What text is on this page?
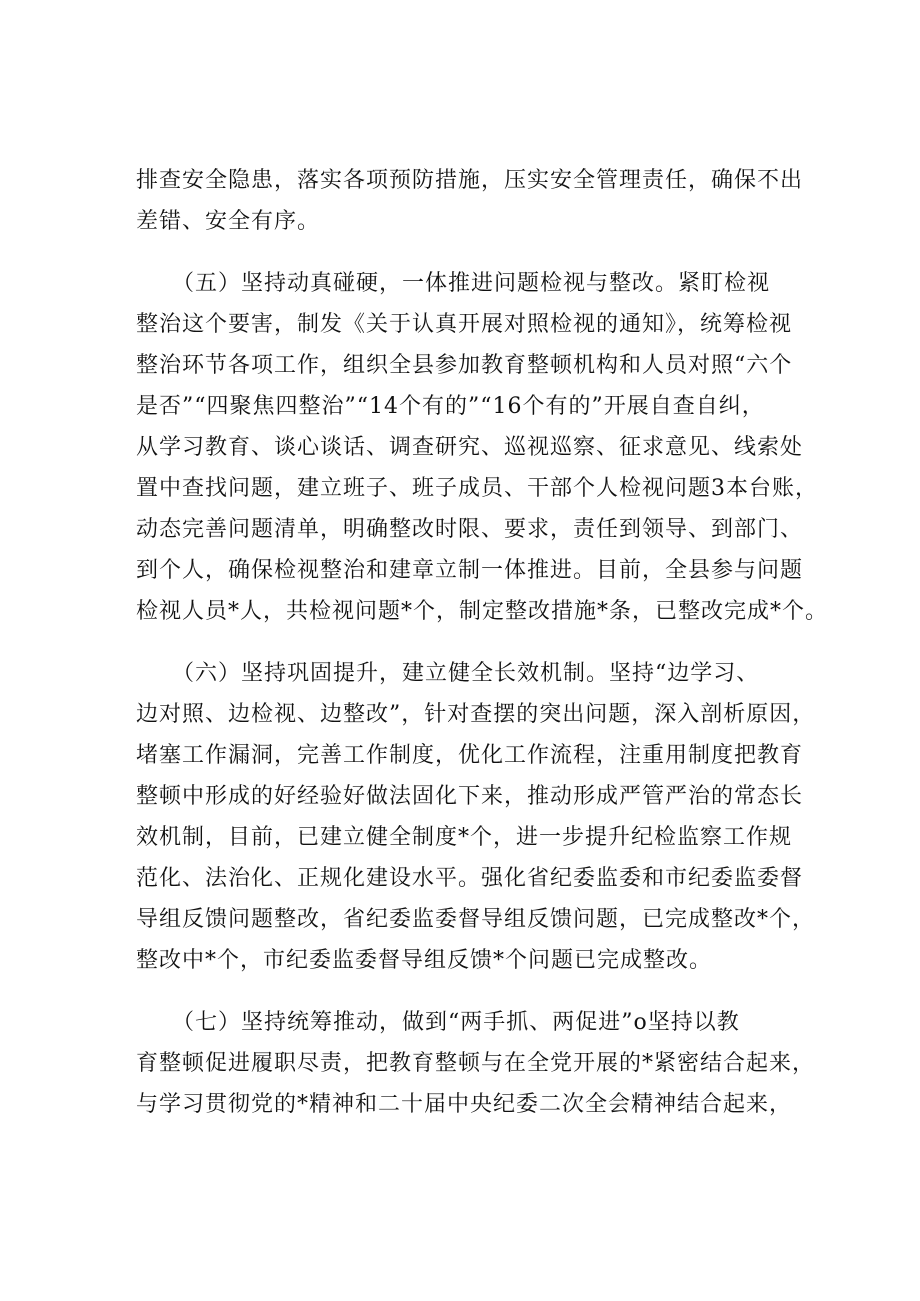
排查安全隐患，落实各项预防措施，压实安全管理责任，确保不出
差错、安全有序。
（五）坚持动真碰硬，一体推进问题检视与整改。紧盯检视
整治这个要害，制发《关于认真开展对照检视的通知》，统筹检视
整治环节各项工作，组织全县参加教育整顿机构和人员对照“六个
是否”“四聚焦四整治”“14个有的”“16个有的”开展自查自纠，
从学习教育、谈心谈话、调查研究、巡视巡察、征求意见、线索处
置中查找问题，建立班子、班子成员、干部个人检视问题3本台账，
动态完善问题清单，明确整改时限、要求，责任到领导、到部门、
到个人，确保检视整治和建章立制一体推进。目前，全县参与问题
检视人员*人，共检视问题*个，制定整改措施*条，已整改完成*个。
（六）坚持巩固提升，建立健全长效机制。坚持“边学习、
边对照、边检视、边整改”，针对查摆的突出问题，深入剖析原因，
堵塞工作漏洞，完善工作制度，优化工作流程，注重用制度把教育
整顿中形成的好经验好做法固化下来，推动形成严管严治的常态长
效机制，目前，已建立健全制度*个，进一步提升纪检监察工作规
范化、法治化、正规化建设水平。强化省纪委监委和市纪委监委督
导组反馈问题整改，省纪委监委督导组反馈问题，已完成整改*个，
整改中*个，市纪委监委督导组反馈*个问题已完成整改。
（七）坚持统筹推动，做到“两手抓、两促进”o坚持以教
育整顿促进履职尽责，把教育整顿与在全党开展的*紧密结合起来，
与学习贯彻党的*精神和二十届中央纪委二次全会精神结合起来，
